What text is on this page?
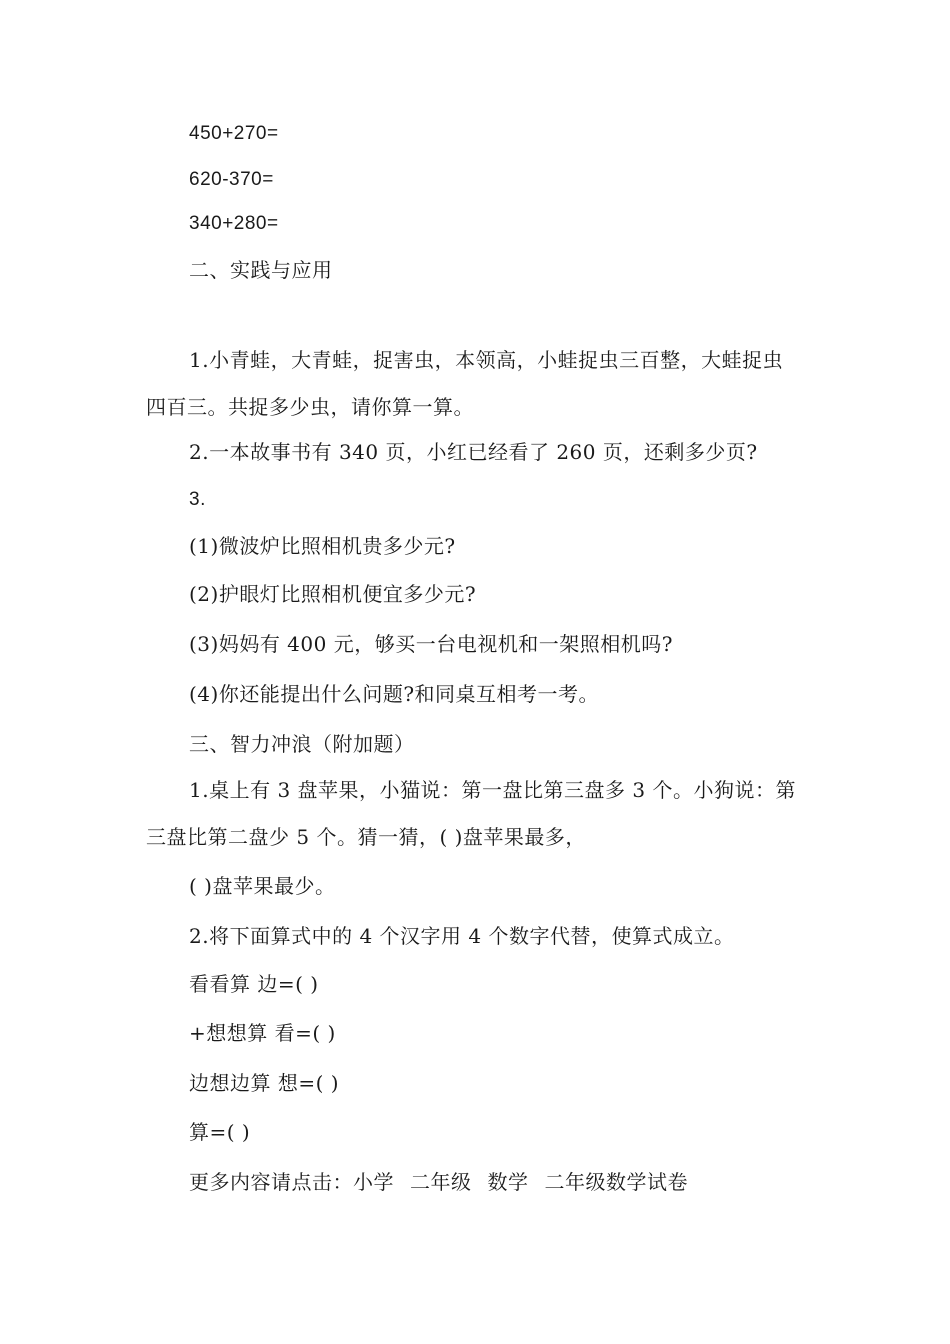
450+270=
620-370=
340+280=
二、实践与应用
1.小青蛙，大青蛙，捉害虫，本领高，小蛙捉虫三百整，大蛙捉虫
四百三。共捉多少虫，请你算一算。
2.一本故事书有 340 页，小红已经看了 260 页，还剩多少页?
3.
(1)微波炉比照相机贵多少元?
(2)护眼灯比照相机便宜多少元?
(3)妈妈有 400 元，够买一台电视机和一架照相机吗?
(4)你还能提出什么问题?和同桌互相考一考。
三、智力冲浪（附加题）
1.桌上有 3 盘苹果，小猫说：第一盘比第三盘多 3 个。小狗说：第
三盘比第二盘少 5 个。猜一猜，( )盘苹果最多，
( )盘苹果最少。
2.将下面算式中的 4 个汉字用 4 个数字代替，使算式成立。
看看算 边=( )
+想想算 看=( )
边想边算 想=( )
算=( )
更多内容请点击：小学 二年级 数学 二年级数学试卷
